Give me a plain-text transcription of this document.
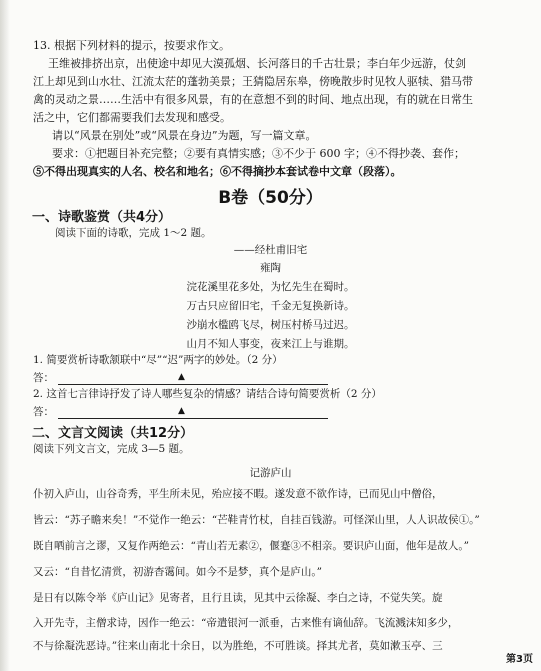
13. 根据下列材料的提示，按要求作文。
王维被排挤出京，出使途中却见大漠孤烟、长河落日的千古壮景；李白年少远游，仗剑
江上却见到山水壮、江流太茫的蓬勃美景；王猜隐居东皋，傍晚散步时见牧人驱犊、猎马带
禽的灵动之景……生活中有很多风景，有的在意想不到的时间、地点出现，有的就在日常生
活之中，它们都需要我们去发现和感受。
请以“风景在别处”或“风景在身边”为题，写一篇文章。
要求：①把题目补充完整；②要有真情实感；③不少于 600 字；④不得抄袭、套作；
⑤不得出现真实的人名、校名和地名；⑥不得摘抄本套试卷中文章（段落）。
B卷（50分）
一、诗歌鉴赏（共4分）
阅读下面的诗歌，完成 1～2 题。
——经杜甫旧宅
雍陶
浣花溪里花多处，为忆先生在蜀时。
万古只应留旧宅，千金无复换新诗。
沙崩水槛鸥飞尽，树压村桥马过迟。
山月不知人事变，夜来江上与谁期。
1. 简要赏析诗歌颔联中“尽”“迟”两字的妙处。（2 分）
答：	▲
2. 这首七言律诗抒发了诗人哪些复杂的情感？请结合诗句简要赏析（2 分）
答：	▲
二、文言文阅读（共12分）
阅读下列文言文，完成 3—5 题。
记游庐山
仆初入庐山，山谷奇秀，平生所未见，殆应接不暇。遂发意不欲作诗，已而见山中僧俗，
皆云：“苏子瞻来矣！”不觉作一绝云：“芒鞋青竹杖，自挂百钱游。可怪深山里，人人识故侯①。”
既自哂前言之谬，又复作两绝云：“青山若无素②，偃蹇③不相亲。要识庐山面，他年是故人。”
又云：“自昔忆清赏，初游杳霭间。如今不是梦，真个是庐山。”
是日有以陈令举《庐山记》见寄者，且行且读，见其中云徐凝、李白之诗，不觉失笑。旋
入开先寺，主僧求诗，因作一绝云：“帝遣银河一派垂，古来惟有谪仙辞。飞流溅沫知多少，
不与徐凝洗恶诗。”往来山南北十余日，以为胜绝，不可胜谈。择其尤者，莫如漱玉亭、三
第3页
